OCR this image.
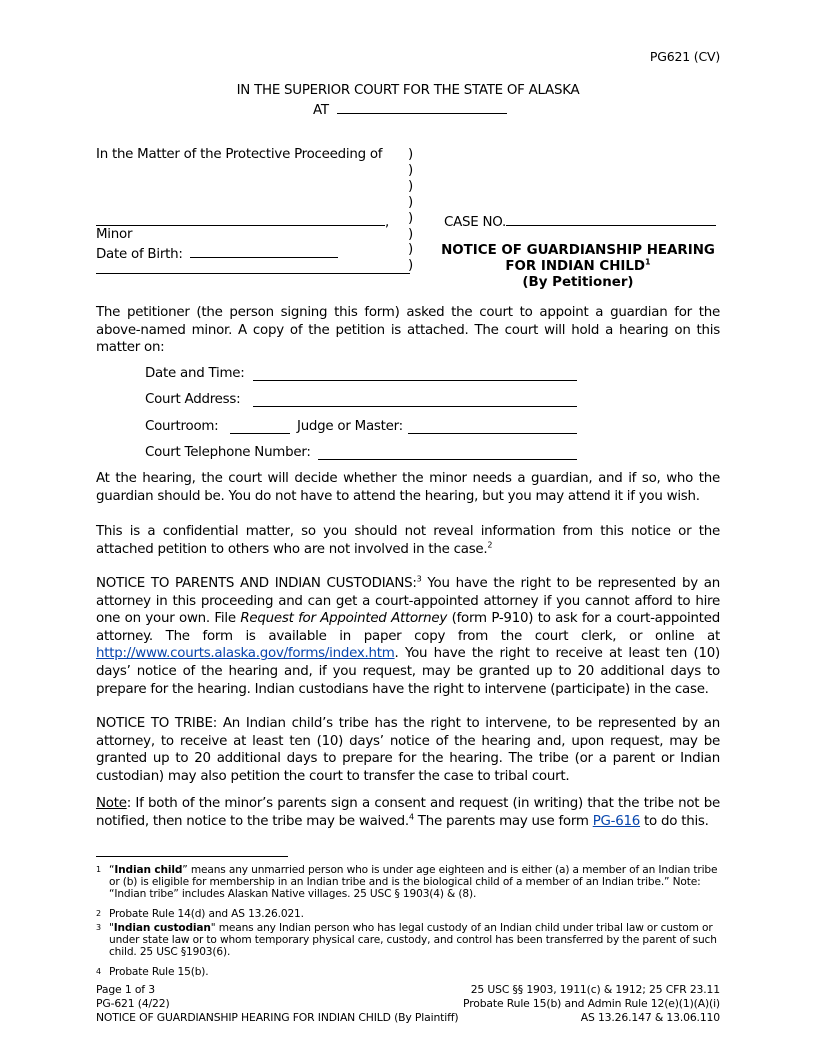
PG621 (CV)
IN THE SUPERIOR COURT FOR THE STATE OF ALASKA
AT
In the Matter of the Protective Proceeding of
,
Minor
Date of Birth:
)
)
)
)
)
)
)
)
CASE NO.
NOTICE OF GUARDIANSHIP HEARING
FOR INDIAN CHILD$^1$
(By Petitioner)
The petitioner (the person signing this form) asked the court to appoint a guardian for the above-named minor. A copy of the petition is attached. The court will hold a hearing on this matter on:
Date and Time:
Court Address:
Courtroom:	Judge or Master:
Court Telephone Number:
At the hearing, the court will decide whether the minor needs a guardian, and if so, who the guardian should be. You do not have to attend the hearing, but you may attend it if you wish.
This is a confidential matter, so you should not reveal information from this notice or the attached petition to others who are not involved in the case.$^2$
NOTICE TO PARENTS AND INDIAN CUSTODIANS:$^3$ You have the right to be represented by an attorney in this proceeding and can get a court-appointed attorney if you cannot afford to hire one on your own. File Request for Appointed Attorney (form P-910) to ask for a court-appointed attorney. The form is available in paper copy from the court clerk, or online at http://www.courts.alaska.gov/forms/index.htm. You have the right to receive at least ten (10) days’ notice of the hearing and, if you request, may be granted up to 20 additional days to prepare for the hearing. Indian custodians have the right to intervene (participate) in the case.
NOTICE TO TRIBE: An Indian child’s tribe has the right to intervene, to be represented by an attorney, to receive at least ten (10) days’ notice of the hearing and, upon request, may be granted up to 20 additional days to prepare for the hearing. The tribe (or a parent or Indian custodian) may also petition the court to transfer the case to tribal court.
Note: If both of the minor’s parents sign a consent and request (in writing) that the tribe not be notified, then notice to the tribe may be waived.$^4$ The parents may use form PG-616 to do this.
1 “Indian child” means any unmarried person who is under age eighteen and is either (a) a member of an Indian tribe or (b) is eligible for membership in an Indian tribe and is the biological child of a member of an Indian tribe.” Note: “Indian tribe” includes Alaskan Native villages. 25 USC § 1903(4) & (8).
2 Probate Rule 14(d) and AS 13.26.021.
3 "Indian custodian" means any Indian person who has legal custody of an Indian child under tribal law or custom or under state law or to whom temporary physical care, custody, and control has been transferred by the parent of such child. 25 USC §1903(6).
4 Probate Rule 15(b).
Page 1 of 3
PG-621 (4/22)
NOTICE OF GUARDIANSHIP HEARING FOR INDIAN CHILD (By Plaintiff)
25 USC §§ 1903, 1911(c) & 1912; 25 CFR 23.11
Probate Rule 15(b) and Admin Rule 12(e)(1)(A)(i)
AS 13.26.147 & 13.06.110
